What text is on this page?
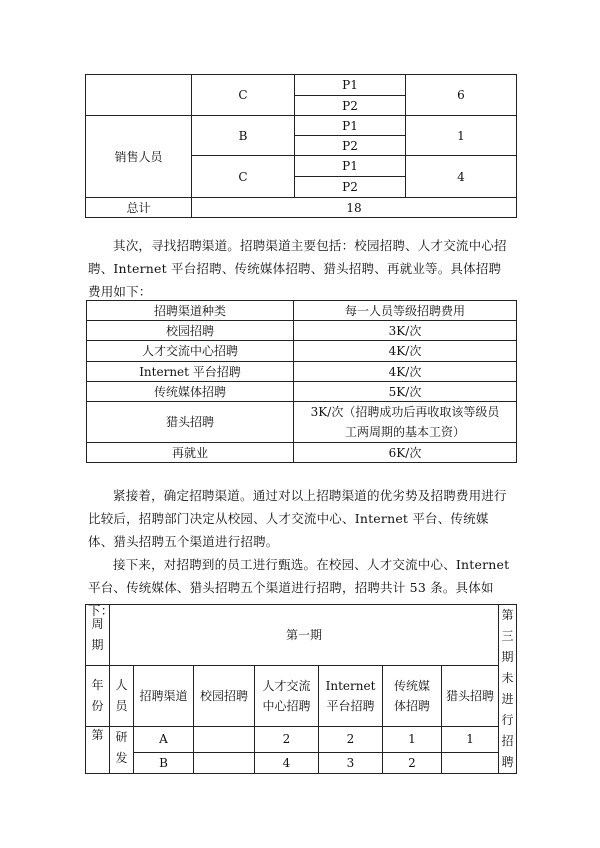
	C	P1	6
		P2	
销售人员	B	P1	1
		P2	
	C	P1	4
		P2	
总计	18		
其次，寻找招聘渠道。招聘渠道主要包括：校园招聘、人才交流中心招聘、Internet 平台招聘、传统媒体招聘、猎头招聘、再就业等。具体招聘费用如下：
招聘渠道种类	每一人员等级招聘费用
校园招聘	3K/次
人才交流中心招聘	4K/次
Internet 平台招聘	4K/次
传统媒体招聘	5K/次
猎头招聘	3K/次（招聘成功后再收取该等级员工两周期的基本工资）
再就业	6K/次
紧接着，确定招聘渠道。通过对以上招聘渠道的优劣势及招聘费用进行比较后，招聘部门决定从校园、人才交流中心、Internet 平台、传统媒体、猎头招聘五个渠道进行招聘。
接下来，对招聘到的员工进行甄选。在校园、人才交流中心、Internet 平台、传统媒体、猎头招聘五个渠道进行招聘，招聘共计 53 条。具体如下：
周期	第一期							第三期未进行招聘
年份	人员	招聘渠道	校园招聘	人才交流中心招聘	Internet 平台招聘	传统媒体招聘	猎头招聘	
第	研发	A		2	2	1	1	
		B		4	3	2		
